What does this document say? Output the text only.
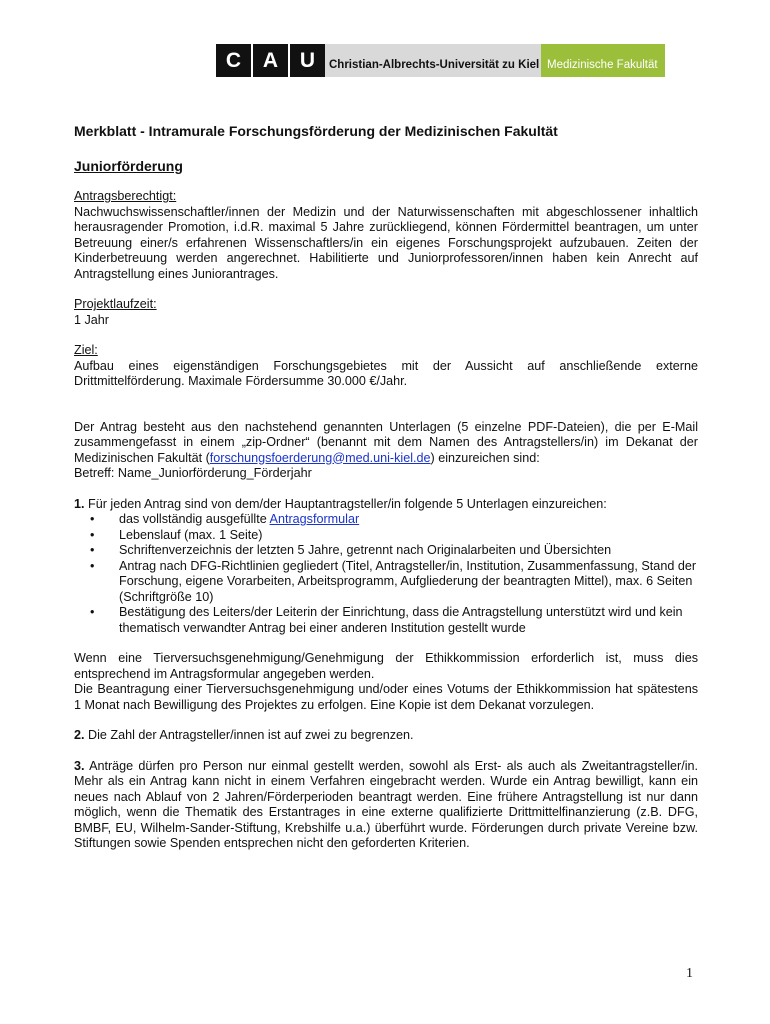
C	A	U	Christian-Albrechts-Universität zu Kiel Medizinische Fakultät

Merkblatt - Intramurale Forschungsförderung der Medizinischen Fakultät

Juniorförderung

Antragsberechtigt:

Nachwuchswissenschaftler/innen der Medizin und der Naturwissenschaften mit abgeschlossener inhaltlich herausragender Promotion, i.d.R. maximal 5 Jahre zurückliegend, können Fördermittel beantragen, um unter Betreuung einer/s erfahrenen Wissenschaftlers/in ein eigenes Forschungsprojekt aufzubauen. Zeiten der Kinderbetreuung werden angerechnet. Habilitierte und Juniorprofessoren/innen haben kein Anrecht auf Antragstellung eines Juniorantrages.

Projektlaufzeit:

1 Jahr

Ziel:

Aufbau eines eigenständigen Forschungsgebietes mit der Aussicht auf anschließende externe Drittmittelförderung. Maximale Fördersumme 30.000 €/Jahr.

Der Antrag besteht aus den nachstehend genannten Unterlagen (5 einzelne PDF-Dateien), die per E-Mail zusammengefasst in einem „zip-Ordner“ (benannt mit dem Namen des Antragstellers/in) im Dekanat der Medizinischen Fakultät (forschungsfoerderung@med.uni-kiel.de) einzureichen sind:

Betreff: Name_Juniorförderung_Förderjahr

1. Für jeden Antrag sind von dem/der Hauptantragsteller/in folgende 5 Unterlagen einzureichen:

• das vollständig ausgefüllte Antragsformular
• Lebenslauf (max. 1 Seite)
• Schriftenverzeichnis der letzten 5 Jahre, getrennt nach Originalarbeiten und Übersichten
• Antrag nach DFG-Richtlinien gegliedert (Titel, Antragsteller/in, Institution, Zusammenfassung, Stand der Forschung, eigene Vorarbeiten, Arbeitsprogramm, Aufgliederung der beantragten Mittel), max. 6 Seiten (Schriftgröße 10)
• Bestätigung des Leiters/der Leiterin der Einrichtung, dass die Antragstellung unterstützt wird und kein thematisch verwandter Antrag bei einer anderen Institution gestellt wurde

Wenn eine Tierversuchsgenehmigung/Genehmigung der Ethikkommission erforderlich ist, muss dies entsprechend im Antragsformular angegeben werden.

Die Beantragung einer Tierversuchsgenehmigung und/oder eines Votums der Ethikkommission hat spätestens 1 Monat nach Bewilligung des Projektes zu erfolgen. Eine Kopie ist dem Dekanat vorzulegen.

2. Die Zahl der Antragsteller/innen ist auf zwei zu begrenzen.

3. Anträge dürfen pro Person nur einmal gestellt werden, sowohl als Erst- als auch als Zweitantragsteller/in. Mehr als ein Antrag kann nicht in einem Verfahren eingebracht werden. Wurde ein Antrag bewilligt, kann ein neues nach Ablauf von 2 Jahren/Förderperioden beantragt werden. Eine frühere Antragstellung ist nur dann möglich, wenn die Thematik des Erstantrages in eine externe qualifizierte Drittmittelfinanzierung (z.B. DFG, BMBF, EU, Wilhelm-Sander-Stiftung, Krebshilfe u.a.) überführt wurde. Förderungen durch private Vereine bzw. Stiftungen sowie Spenden entsprechen nicht den geforderten Kriterien.

1
